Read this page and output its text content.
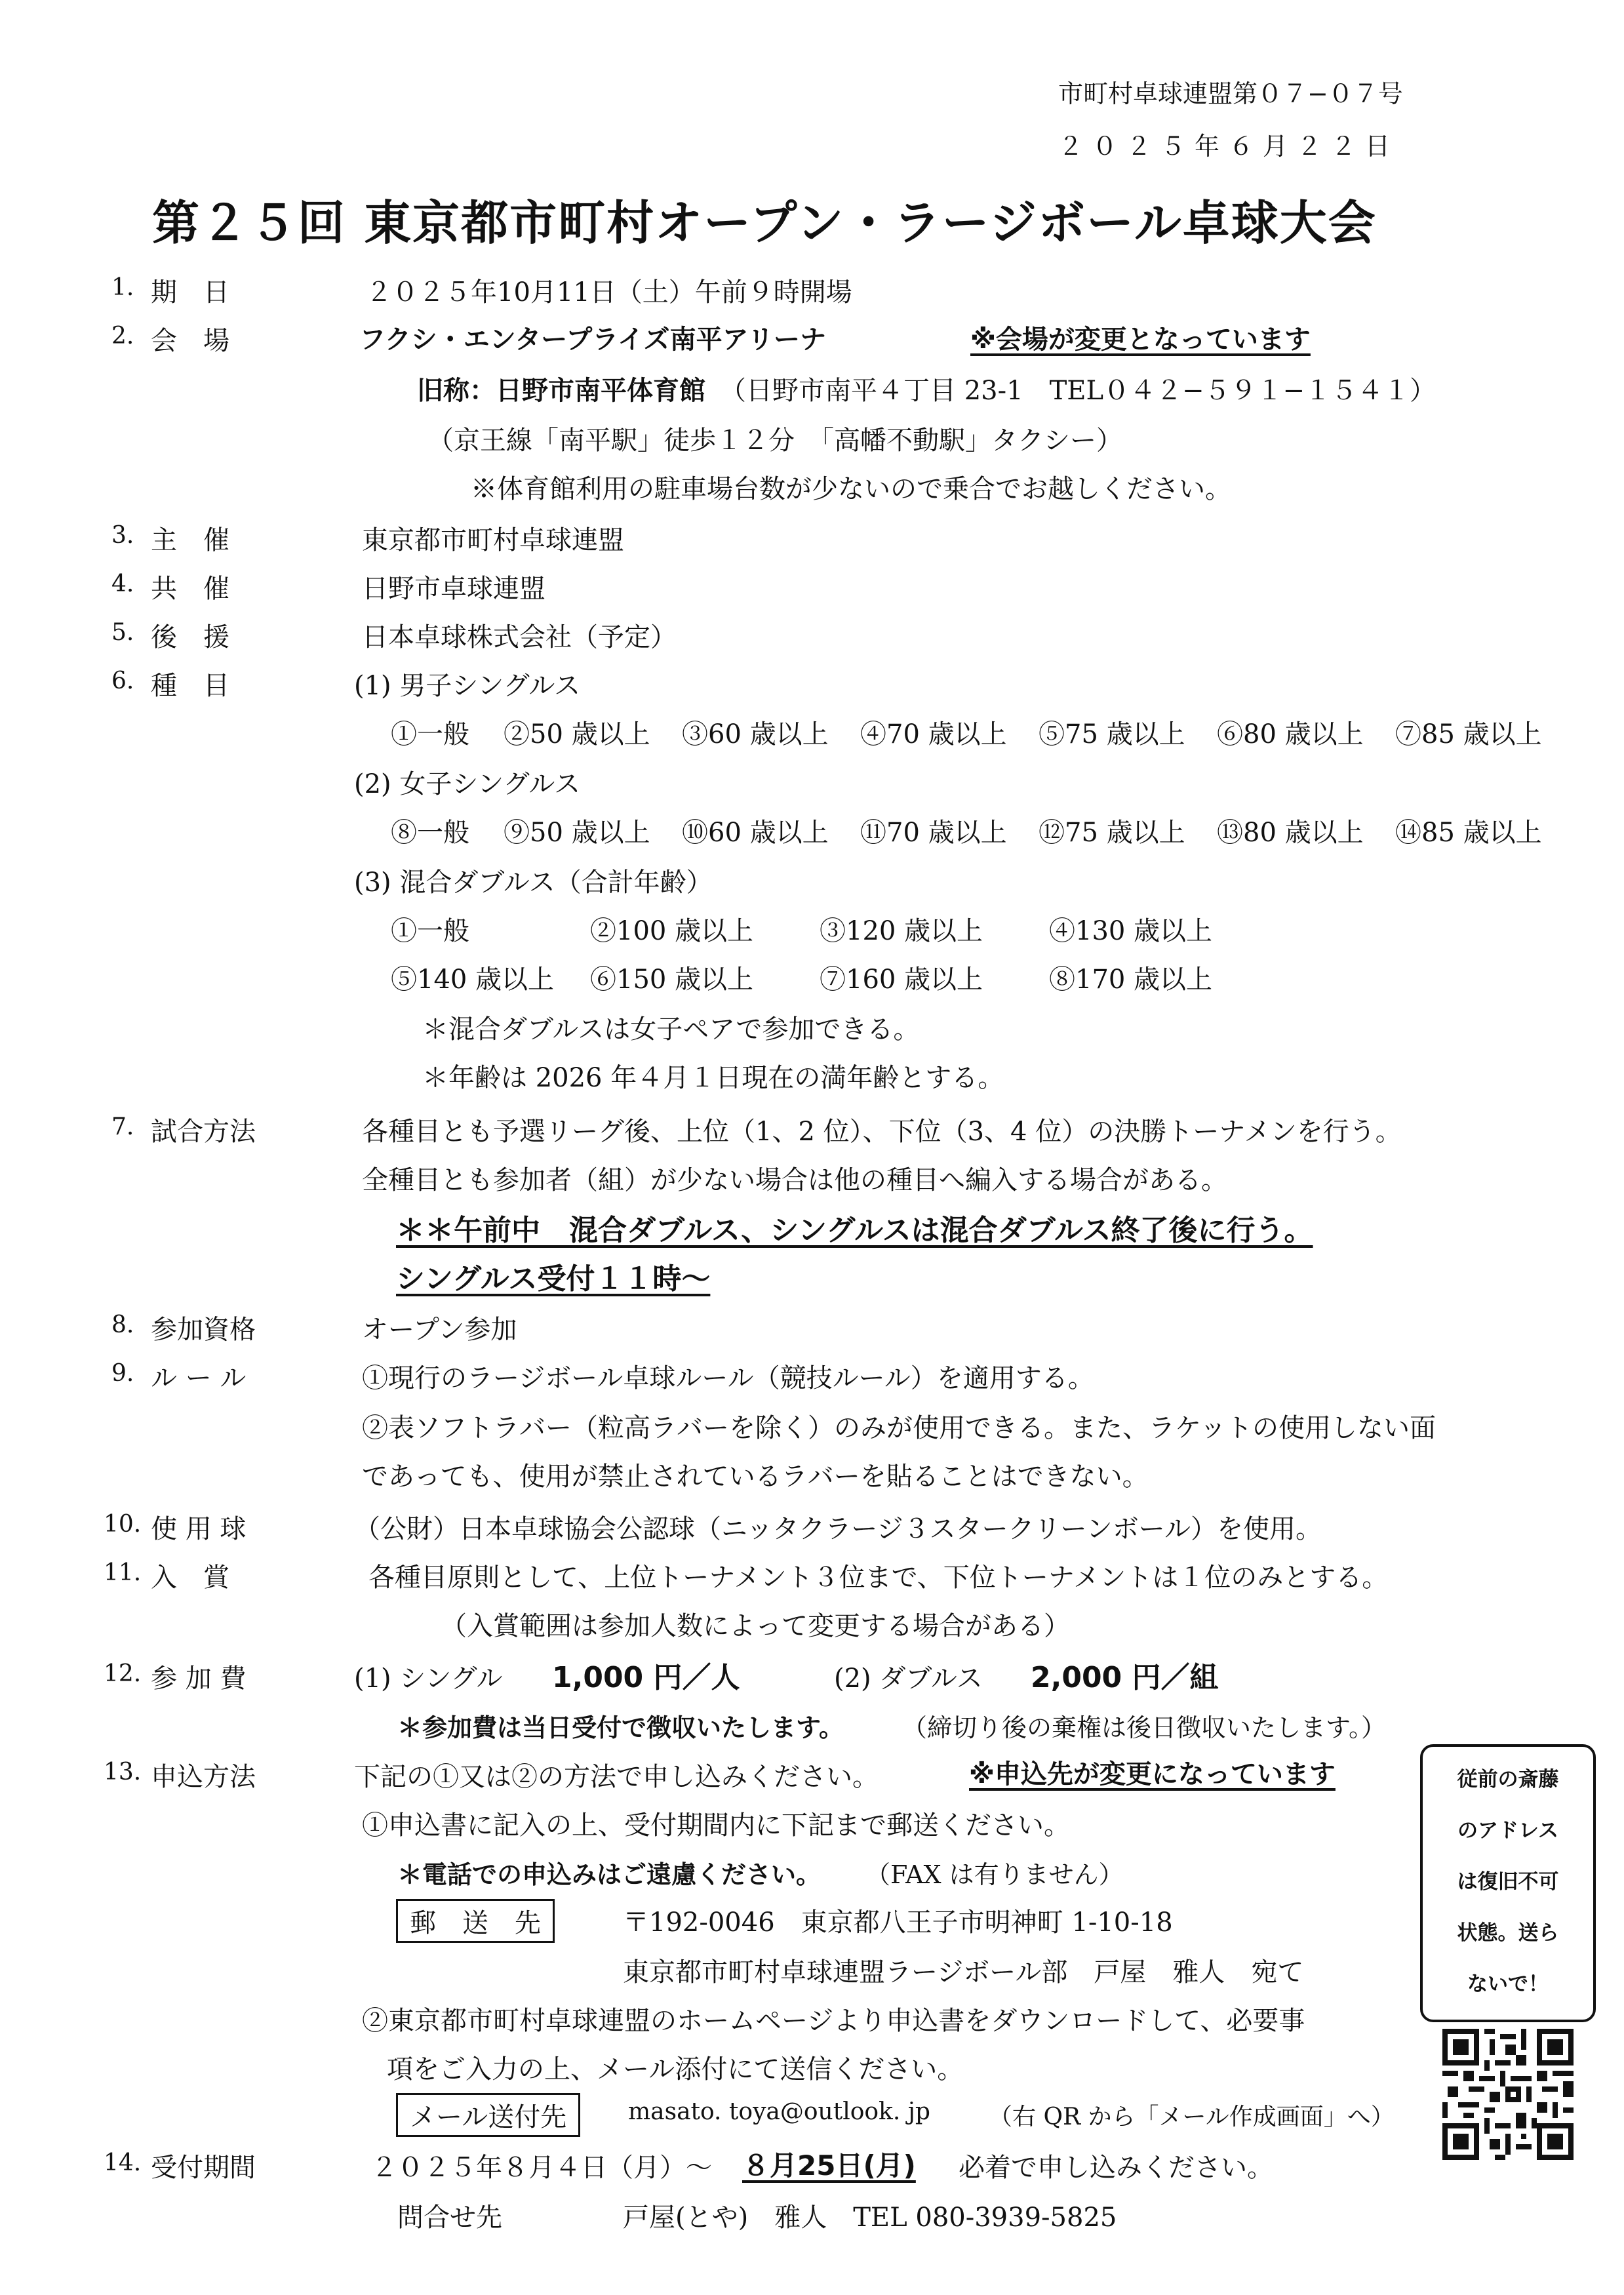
市町村卓球連盟第０７−０７号
２０２５年６月２２日
第２５回 東京都市町村オープン・ラージボール卓球大会
1. 期　日	２０２５年10月11日（土）午前９時開場
2. 会　場	フクシ・エンタープライズ南平アリーナ	※会場が変更となっています
旧称：日野市南平体育館 （日野市南平４丁目 23-1　TEL０４２−５９１−１５４１）
（京王線「南平駅」徒歩１２分　「高幡不動駅」タクシー）
※体育館利用の駐車場台数が少ないので乗合でお越しください。
3. 主　催	東京都市町村卓球連盟
4. 共　催	日野市卓球連盟
5. 後　援	日本卓球株式会社（予定）
6. 種　目	(1) 男子シングルス
①一般 ②50 歳以上 ③60 歳以上 ④70 歳以上 ⑤75 歳以上 ⑥80 歳以上 ⑦85 歳以上
(2) 女子シングルス
⑧一般 ⑨50 歳以上 ⑩60 歳以上 ⑪70 歳以上 ⑫75 歳以上 ⑬80 歳以上 ⑭85 歳以上
(3) 混合ダブルス（合計年齢）
①一般	②100 歳以上	③120 歳以上	④130 歳以上
⑤140 歳以上 ⑥150 歳以上	⑦160 歳以上	⑧170 歳以上
＊混合ダブルスは女子ペアで参加できる。
＊年齢は 2026 年４月１日現在の満年齢とする。
7. 試合方法	各種目とも予選リーグ後、上位（1、2 位）、下位（3、4 位）の決勝トーナメンを行う。
全種目とも参加者（組）が少ない場合は他の種目へ編入する場合がある。
＊＊午前中　混合ダブルス、シングルスは混合ダブルス終了後に行う。
シングルス受付１１時〜
8. 参加資格	オープン参加
9. ル ー ル	①現行のラージボール卓球ルール（競技ルール）を適用する。
②表ソフトラバー（粒高ラバーを除く）のみが使用できる。また、ラケットの使用しない面
であっても、使用が禁止されているラバーを貼ることはできない。
10. 使 用 球	（公財）日本卓球協会公認球（ニッタクラージ３スタークリーンボール）を使用。
11. 入　賞	各種目原則として、上位トーナメント３位まで、下位トーナメントは１位のみとする。
（入賞範囲は参加人数によって変更する場合がある）
12. 参 加 費	(1) シングル 1,000 円／人	(2) ダブルス 2,000 円／組
＊参加費は当日受付で徴収いたします。 （締切り後の棄権は後日徴収いたします。）
13. 申込方法	下記の①又は②の方法で申し込みください。	※申込先が変更になっています
①申込書に記入の上、受付期間内に下記まで郵送ください。
＊電話での申込みはご遠慮ください。 （FAX は有りません）
郵　送　先	〒192-0046　東京都八王子市明神町 1-10-18
東京都市町村卓球連盟ラージボール部　戸屋　雅人　宛て
②東京都市町村卓球連盟のホームページより申込書をダウンロードして、必要事
項をご入力の上、メール添付にて送信ください。
メール送付先	masato. toya@outlook. jp （右 QR から「メール作成画面」へ）
14. 受付期間	２０２５年８月４日（月）〜 ８月25日(月) 必着で申し込みください。
問合せ先	戸屋(とや)　雅人　TEL 080-3939-5825
従前の斎藤
のアドレス
は復旧不可
状態。送ら
ないで！
